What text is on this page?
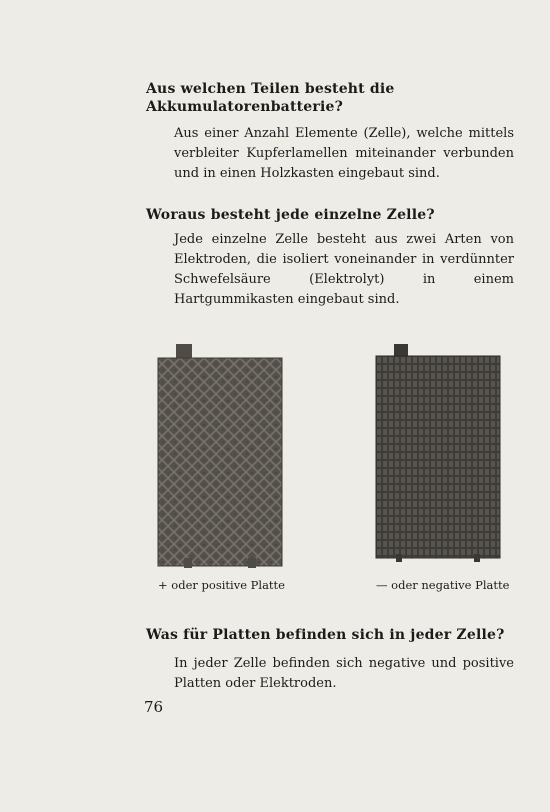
Aus welchen Teilen besteht die Akkumulatorenbatterie?
Aus einer Anzahl Elemente (Zelle), welche mittels verbleiter Kupferlamellen miteinander verbunden und in einen Holzkasten eingebaut sind.
Woraus besteht jede einzelne Zelle?
Jede einzelne Zelle besteht aus zwei Arten von Elektroden, die isoliert voneinander in verdünnter Schwefelsäure (Elektrolyt) in einem Hartgummikasten eingebaut sind.
+ oder positive Platte	— oder negative Platte
Was für Platten befinden sich in jeder Zelle?
In jeder Zelle befinden sich negative und positive Platten oder Elektroden.
76
